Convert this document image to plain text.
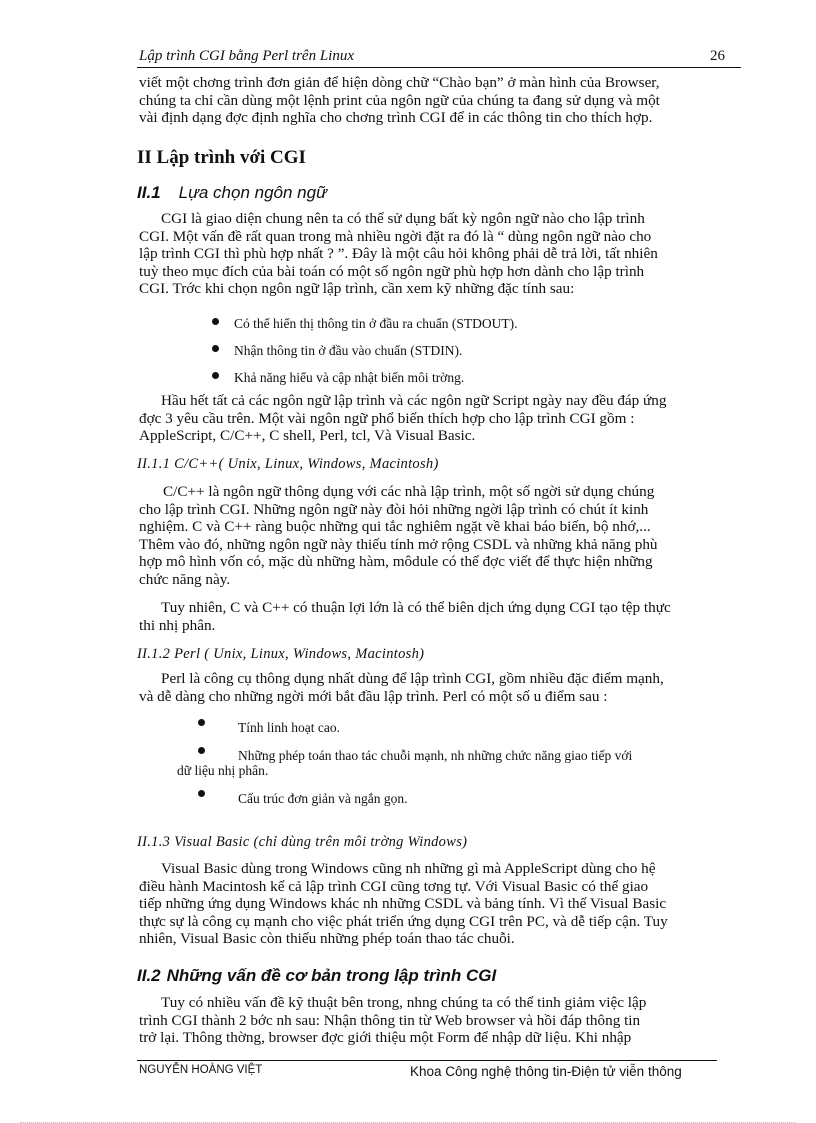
Lập trình CGI bằng Perl trên Linux	26
viết một chơng trình đơn giản để hiện dòng chữ “Chào bạn” ở màn hình của Browser,
chúng ta chỉ cần dùng một lệnh print của ngôn ngữ của chúng ta đang sử dụng và một
vài định dạng đợc định nghĩa cho chơng trình CGI để in các thông tin cho thích hợp.
II Lập trình với CGI
II.1 Lựa chọn ngôn ngữ
CGI là giao diện chung nên ta có thể sử dụng bất kỳ ngôn ngữ nào cho lập trình
CGI. Một vấn đề rất quan trong mà nhiều ngời đặt ra đó là “ dùng ngôn ngữ nào cho
lập trình CGI thì phù hợp nhất ? ”. Đây là một câu hỏi không phải dễ trả lời, tất nhiên
tuỳ theo mục đích của bài toán có một số ngôn ngữ phù hợp hơn dành cho lập trình
CGI. Trớc khi chọn ngôn ngữ lập trình, cần xem kỹ những đặc tính sau:
Có thể hiển thị thông tin ở đầu ra chuẩn (STDOUT).
Nhận thông tin ở đầu vào chuẩn (STDIN).
Khả năng hiểu và cập nhật biến môi trờng.
Hầu hết tất cả các ngôn ngữ lập trình và các ngôn ngữ Script ngày nay đều đáp ứng
đợc 3 yêu cầu trên. Một vài ngôn ngữ phổ biến thích hợp cho lập trình CGI gồm :
AppleScript, C/C++, C shell, Perl, tcl, Và Visual Basic.
II.1.1 C/C++( Unix, Linux, Windows, Macintosh)
C/C++ là ngôn ngữ thông dụng với các nhà lập trình, một số ngời sử dụng chúng
cho lập trình CGI. Những ngôn ngữ này đòi hỏi những ngời lập trình có chút ít kinh
nghiệm. C và C++ ràng buộc những qui tắc nghiêm ngặt về khai báo biến, bộ nhớ,...
Thêm vào đó, những ngôn ngữ này thiếu tính mở rộng CSDL và những khả năng phù
hợp mô hình vốn có, mặc dù những hàm, môdule có thể đợc viết để thực hiện những
chức năng này.
Tuy nhiên, C và C++ có thuận lợi lớn là có thể biên dịch ứng dụng CGI tạo tệp thực
thi nhị phân.
II.1.2 Perl ( Unix, Linux, Windows, Macintosh)
Perl là công cụ thông dụng nhất dùng để lập trình CGI, gồm nhiều đặc điểm mạnh,
và dễ dàng cho những ngời mới bắt đầu lập trình. Perl có một số u điểm sau :
Tính linh hoạt cao.
Những phép toán thao tác chuỗi mạnh, nh những chức năng giao tiếp với
dữ liệu nhị phân.
Cấu trúc đơn giản và ngắn gọn.
II.1.3 Visual Basic (chỉ dùng trên môi trờng Windows)
Visual Basic dùng trong Windows cũng nh những gì mà AppleScript dùng cho hệ
điều hành Macintosh kể cả lập trình CGI cũng tơng tự. Với Visual Basic có thể giao
tiếp những ứng dụng Windows khác nh những CSDL và bảng tính. Vì thế Visual Basic
thực sự là công cụ mạnh cho việc phát triển ứng dụng CGI trên PC, và dễ tiếp cận. Tuy
nhiên, Visual Basic còn thiếu những phép toán thao tác chuỗi.
II.2 Những vấn đề cơ bản trong lập trình CGI
Tuy có nhiều vấn đề kỹ thuật bên trong, nhng chúng ta có thể tinh giảm việc lập
trình CGI thành 2 bớc nh sau: Nhận thông tin từ Web browser và hồi đáp thông tin
trở lại. Thông thờng, browser đợc giới thiệu một Form để nhập dữ liệu. Khi nhập
NGUYỄN HOÀNG VIỆT	Khoa Công nghệ thông tin-Điện tử viễn thông
